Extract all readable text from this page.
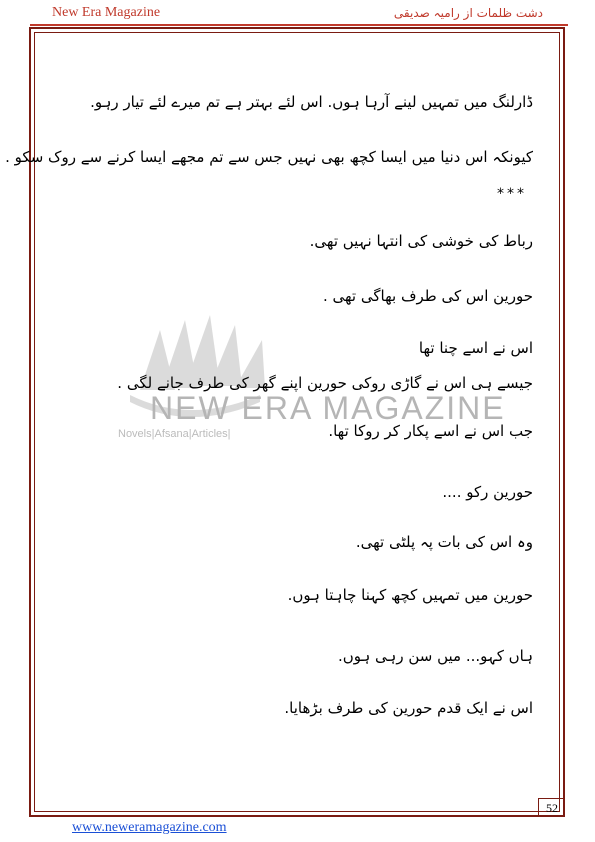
New Era Magazine	دشت ظلمات از رامیہ صدیقی
NEW ERA MAGAZINE
Novels|Afsana|Articles|
ڈارلنگ میں تمہیں لینے آرہا ہوں. اس لئے بہتر ہے تم میرے لئے تیار رہو.
کیونکہ اس دنیا میں ایسا کچھ بھی نہیں جس سے تم مجھے ایسا کرنے سے روک سکو .
***
رباط کی خوشی کی انتہا نہیں تھی.
حورین اس کی طرف بھاگی تھی .
اس نے اسے چنا تھا
جیسے ہی اس نے گاڑی روکی حورین اپنے گھر کی طرف جانے لگی .
جب اس نے اسے پکار کر روکا تھا.
حورین رکو ....
وہ اس کی بات پہ پلٹی تھی.
حورین میں تمہیں کچھ کہنا چاہتا ہوں.
ہاں کہو... میں سن رہی ہوں.
اس نے ایک قدم حورین کی طرف بڑھایا.
52
www.neweramagazine.com
